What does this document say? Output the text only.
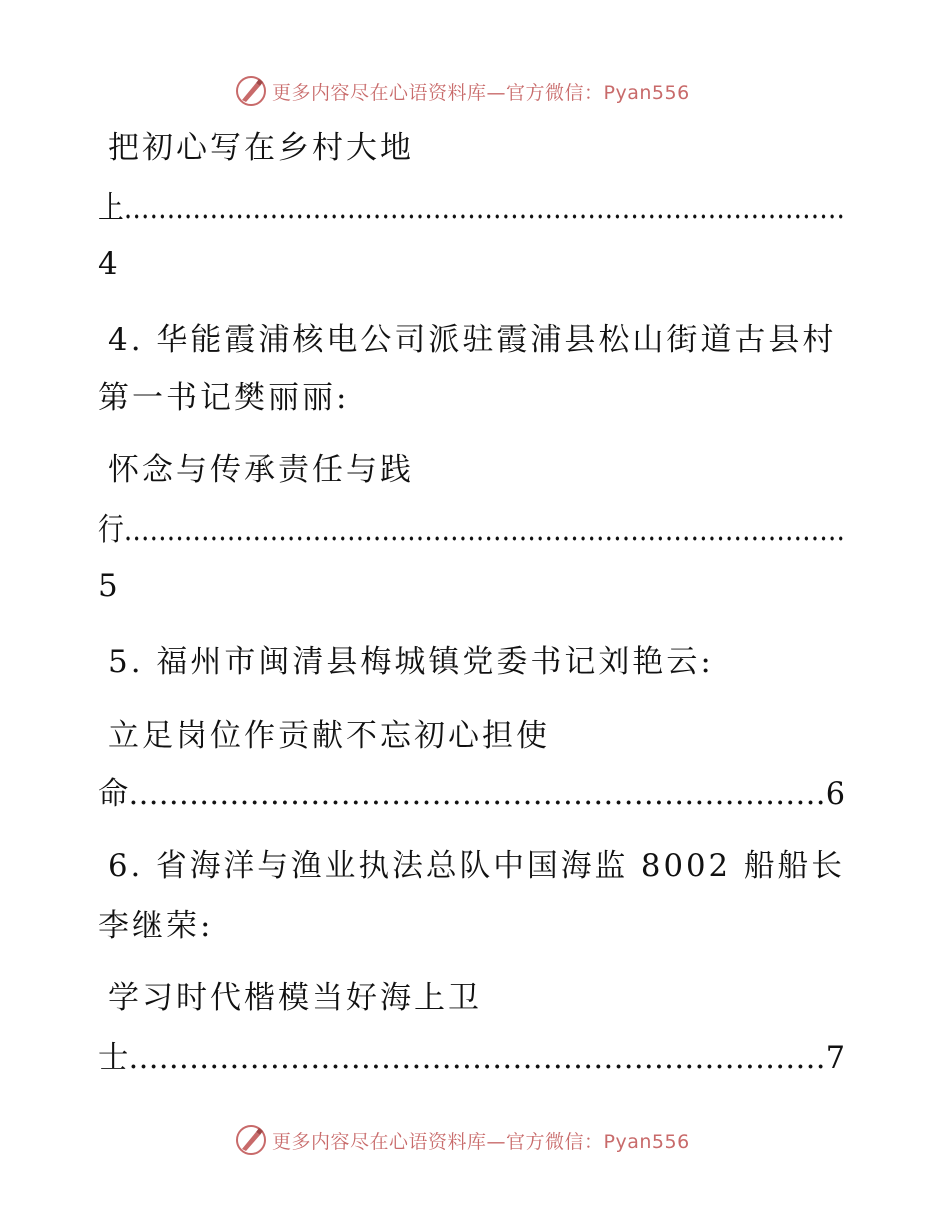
更多内容尽在心语资料库—官方微信：Pyan556
把初心写在乡村大地
上…………………………………………………………………………
4
4. 华能霞浦核电公司派驻霞浦县松山街道古县村
第一书记樊丽丽:
怀念与传承责任与践
行…………………………………………………………………………
5
5. 福州市闽清县梅城镇党委书记刘艳云:
立足岗位作贡献不忘初心担使
命……………………………………………………………6
6. 省海洋与渔业执法总队中国海监 8002 船船长
李继荣:
学习时代楷模当好海上卫
士……………………………………………………………7
更多内容尽在心语资料库—官方微信：Pyan556
